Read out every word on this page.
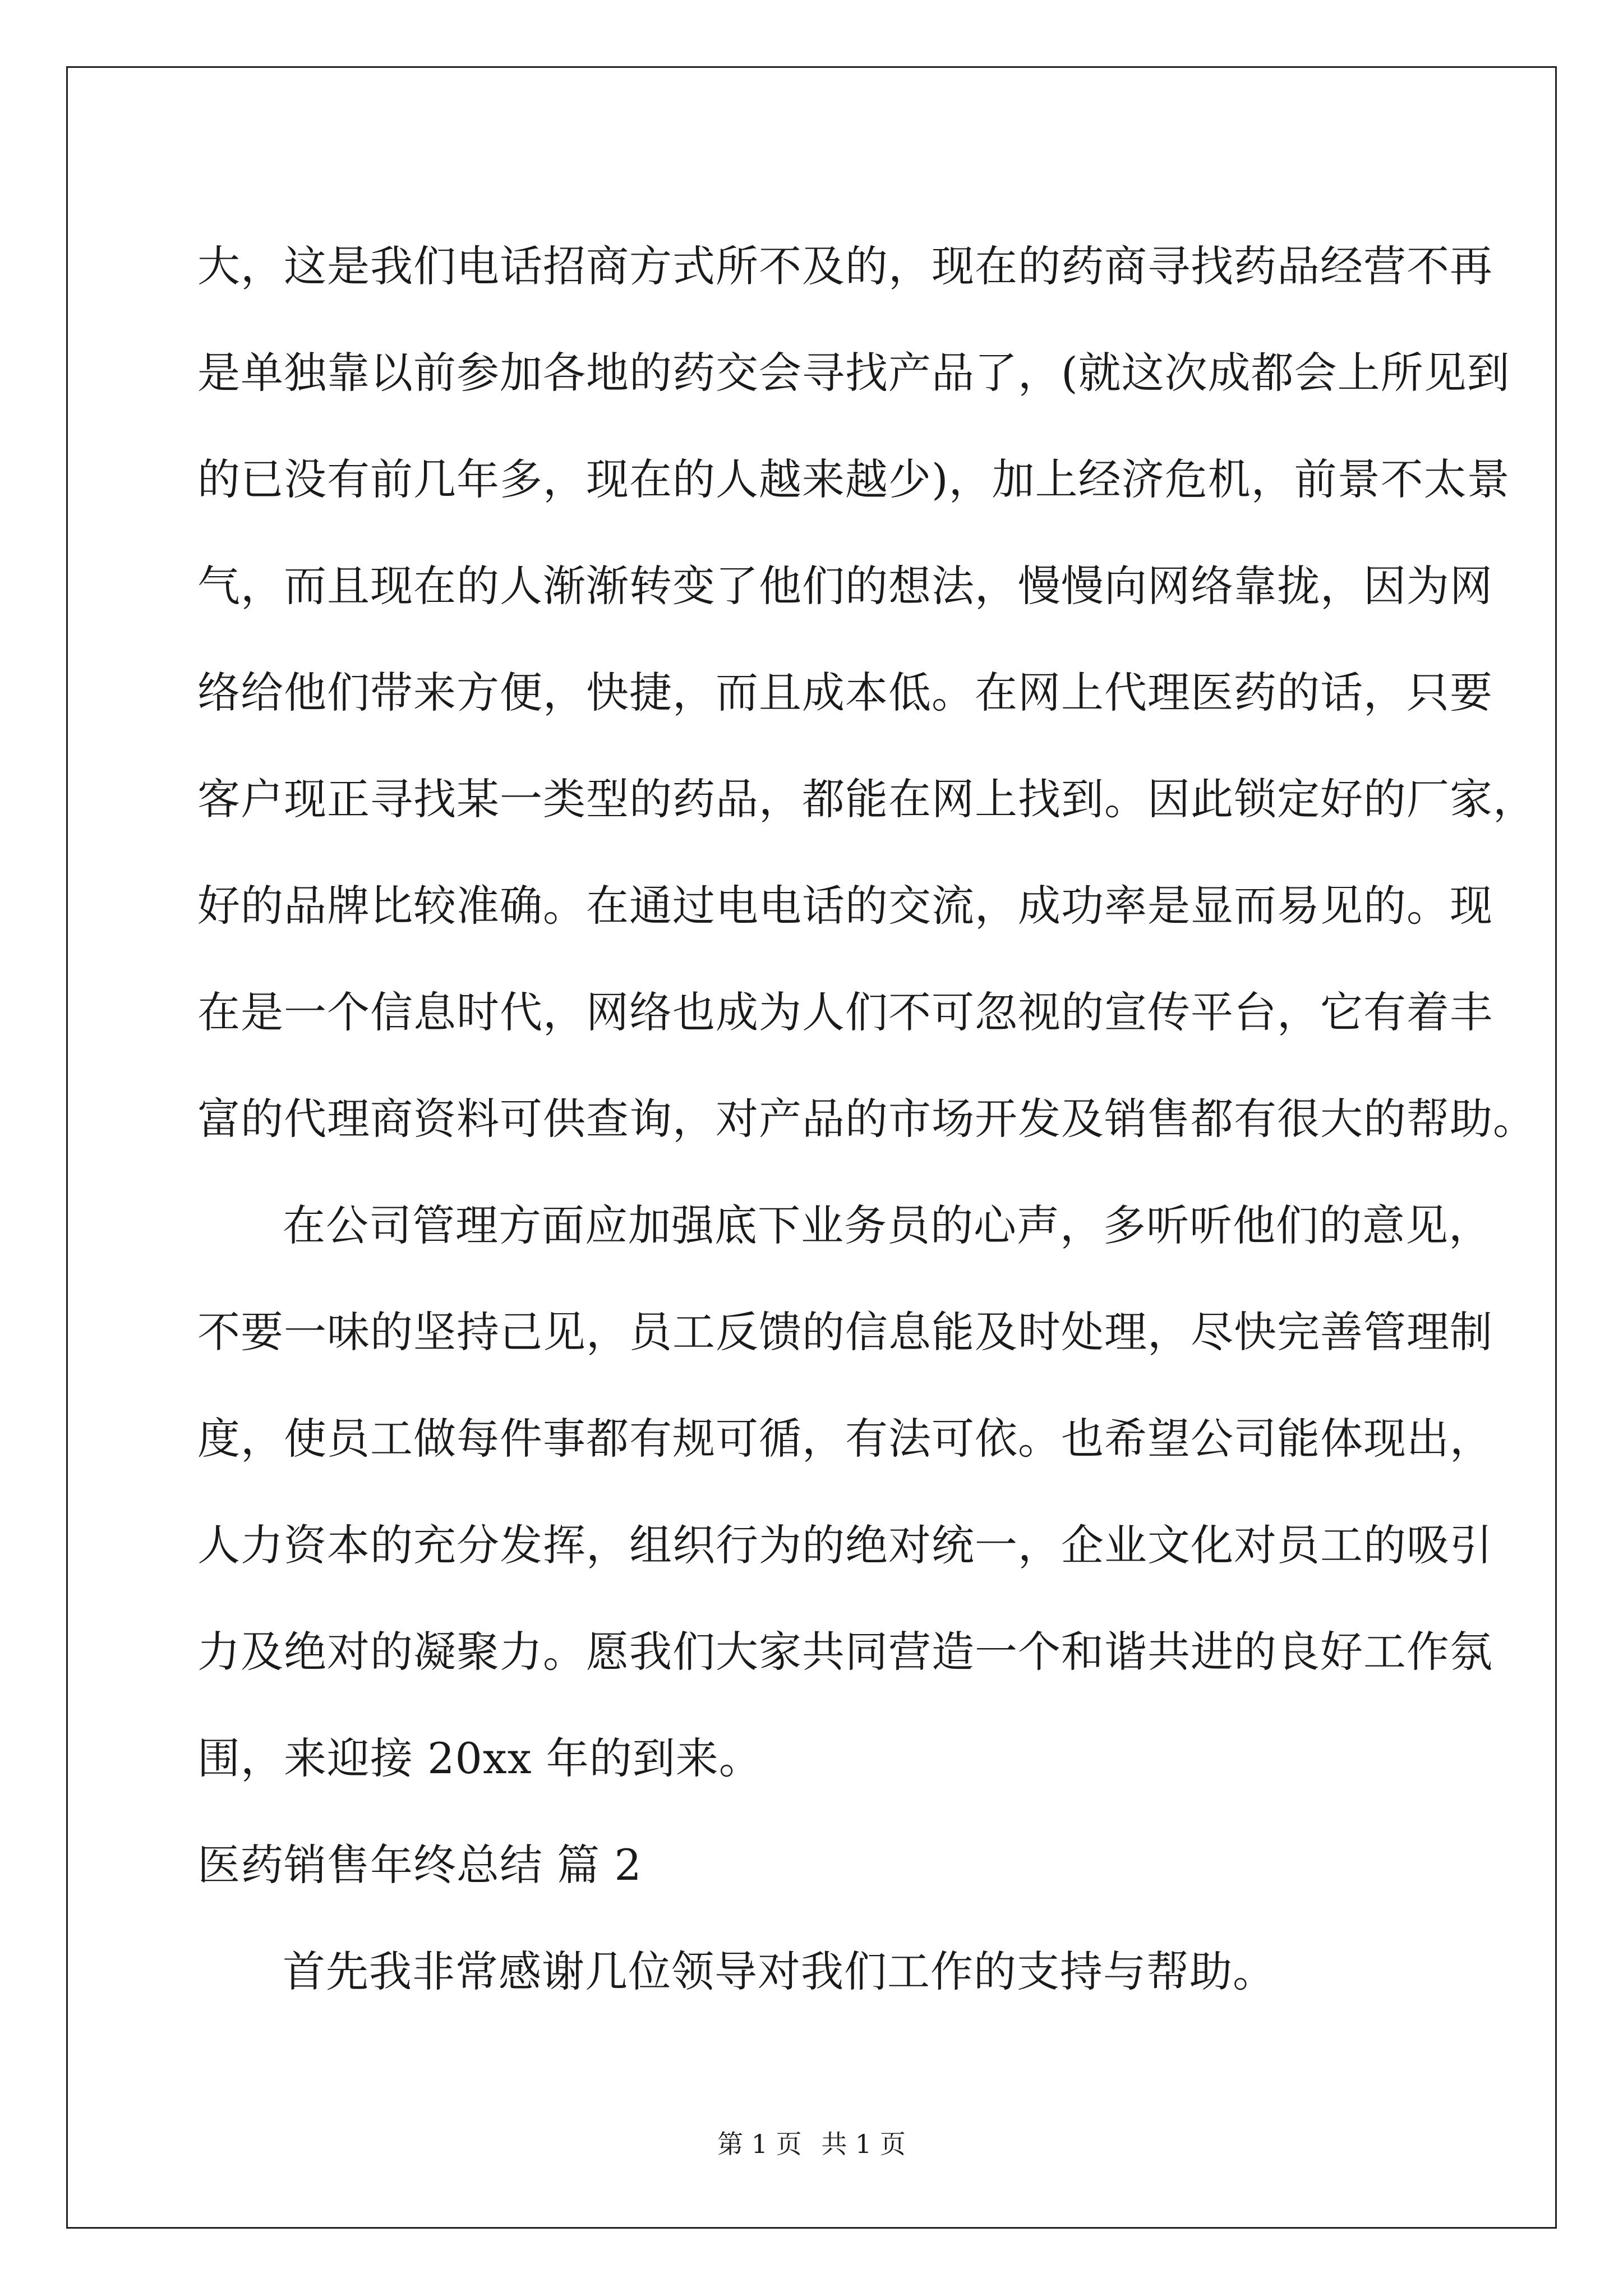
大，这是我们电话招商方式所不及的，现在的药商寻找药品经营不再
是单独靠以前参加各地的药交会寻找产品了，(就这次成都会上所见到
的已没有前几年多，现在的人越来越少)，加上经济危机，前景不太景
气，而且现在的人渐渐转变了他们的想法，慢慢向网络靠拢，因为网
络给他们带来方便，快捷，而且成本低。在网上代理医药的话，只要
客户现正寻找某一类型的药品，都能在网上找到。因此锁定好的厂家，
好的品牌比较准确。在通过电电话的交流，成功率是显而易见的。现
在是一个信息时代，网络也成为人们不可忽视的宣传平台，它有着丰
富的代理商资料可供查询，对产品的市场开发及销售都有很大的帮助。
在公司管理方面应加强底下业务员的心声，多听听他们的意见，
不要一味的坚持己见，员工反馈的信息能及时处理，尽快完善管理制
度，使员工做每件事都有规可循，有法可依。也希望公司能体现出，
人力资本的充分发挥，组织行为的绝对统一，企业文化对员工的吸引
力及绝对的凝聚力。愿我们大家共同营造一个和谐共进的良好工作氛
围，来迎接 20xx 年的到来。
医药销售年终总结 篇 2
首先我非常感谢几位领导对我们工作的支持与帮助。
第 1 页 共 1 页
